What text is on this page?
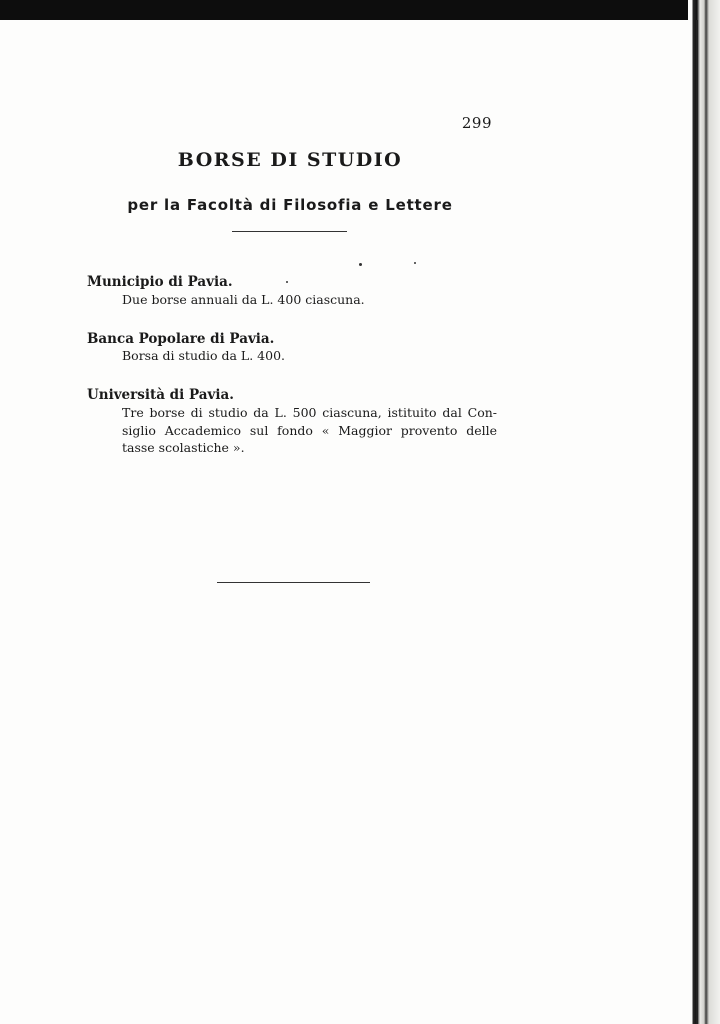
299
BORSE DI STUDIO
per la Facoltà di Filosofia e Lettere
Municipio di Pavia.
Due borse annuali da L. 400 ciascuna.
Banca Popolare di Pavia.
Borsa di studio da L. 400.
Università di Pavia.
Tre borse di studio da L. 500 ciascuna, istituito dal Con-
siglio Accademico sul fondo « Maggior provento delle
tasse scolastiche ».
